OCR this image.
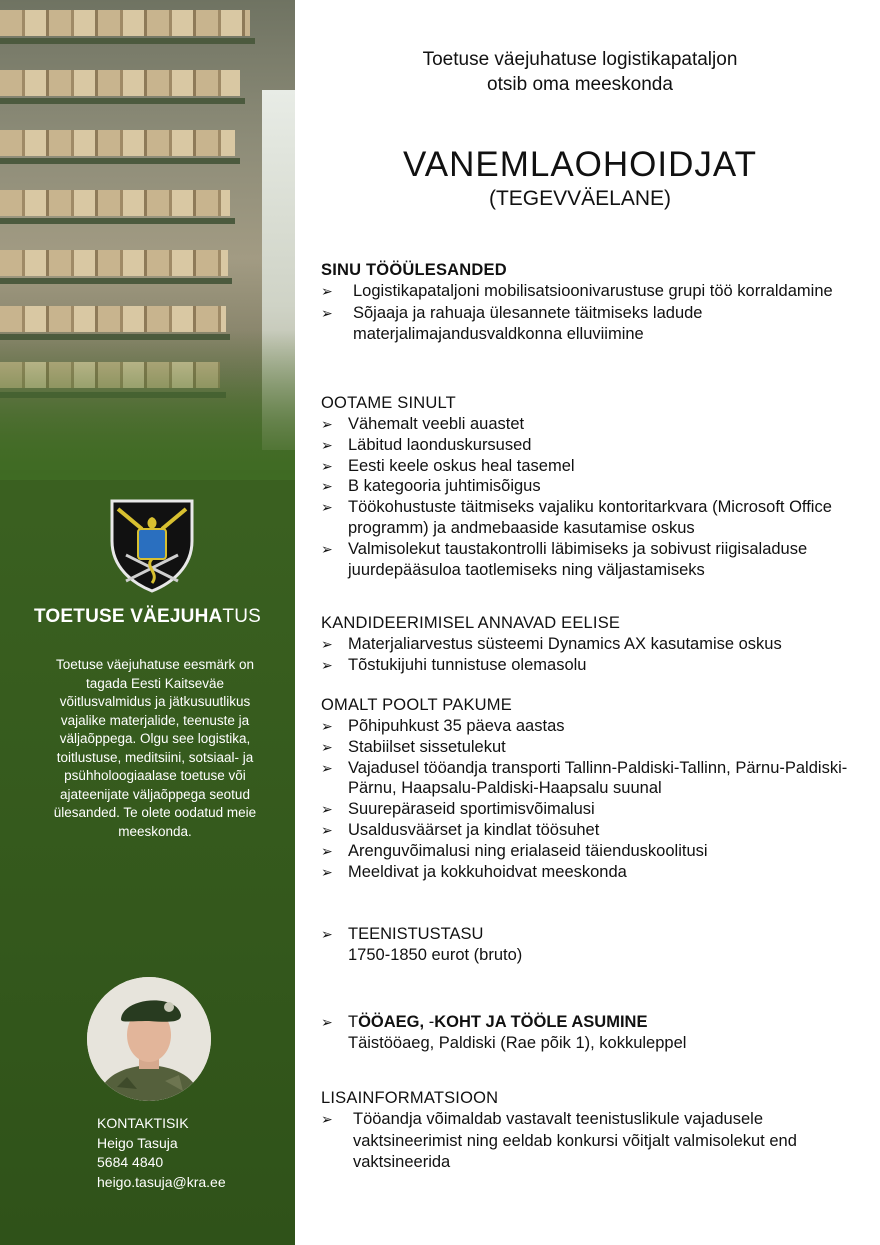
TOETUSE VÄEJUHATUS
Toetuse väejuhatuse eesmärk on tagada Eesti Kaitseväe võitlusvalmidus ja jätkusuutlikus vajalike materjalide, teenuste ja väljaõppega. Olgu see logistika, toitlustuse, meditsiini, sotsiaal- ja psühholoogiaalase toetuse või ajateenijate väljaõppega seotud ülesanded. Te olete oodatud meie meeskonda.
KONTAKTISIK
Heigo Tasuja
5684 4840
heigo.tasuja@kra.ee
Toetuse väejuhatuse logistikapataljon
otsib oma meeskonda
VANEMLAOHOIDJAT
(TEGEVVÄELANE)
SINU TÖÖÜLESANDED
➢ Logistikapataljoni mobilisatsioonivarustuse grupi töö korraldamine
➢ Sõjaaja ja rahuaja ülesannete täitmiseks ladude materjalimajandusvaldkonna elluviimine
OOTAME SINULT
➢ Vähemalt veebli auastet
➢ Läbitud laonduskursused
➢ Eesti keele oskus heal tasemel
➢ B kategooria juhtimisõigus
➢ Töökohustuste täitmiseks vajaliku kontoritarkvara (Microsoft Office programm) ja andmebaaside kasutamise oskus
➢ Valmisolekut taustakontrolli läbimiseks ja sobivust riigisaladuse juurdepääsuloa taotlemiseks ning väljastamiseks
KANDIDEERIMISEL ANNAVAD EELISE
➢ Materjaliarvestus süsteemi Dynamics AX kasutamise oskus
➢ Tõstukijuhi tunnistuse olemasolu
OMALT POOLT PAKUME
➢ Põhipuhkust 35 päeva aastas
➢ Stabiilset sissetulekut
➢ Vajadusel tööandja transporti Tallinn-Paldiski-Tallinn, Pärnu-Paldiski-Pärnu, Haapsalu-Paldiski-Haapsalu suunal
➢ Suurepäraseid sportimisvõimalusi
➢ Usaldusväärset ja kindlat töösuhet
➢ Arenguvõimalusi ning erialaseid täienduskoolitusi
➢ Meeldivat ja kokkuhoidvat meeskonda
➢ TEENISTUSTASU
1750-1850 eurot (bruto)
➢ TÖÖAEG, -KOHT JA TÖÖLE ASUMINE
Täistööaeg, Paldiski (Rae põik 1), kokkuleppel
LISAINFORMATSIOON
➢ Tööandja võimaldab vastavalt teenistuslikule vajadusele vaktsineerimist ning eeldab konkursi võitjalt valmisolekut end vaktsineerida
